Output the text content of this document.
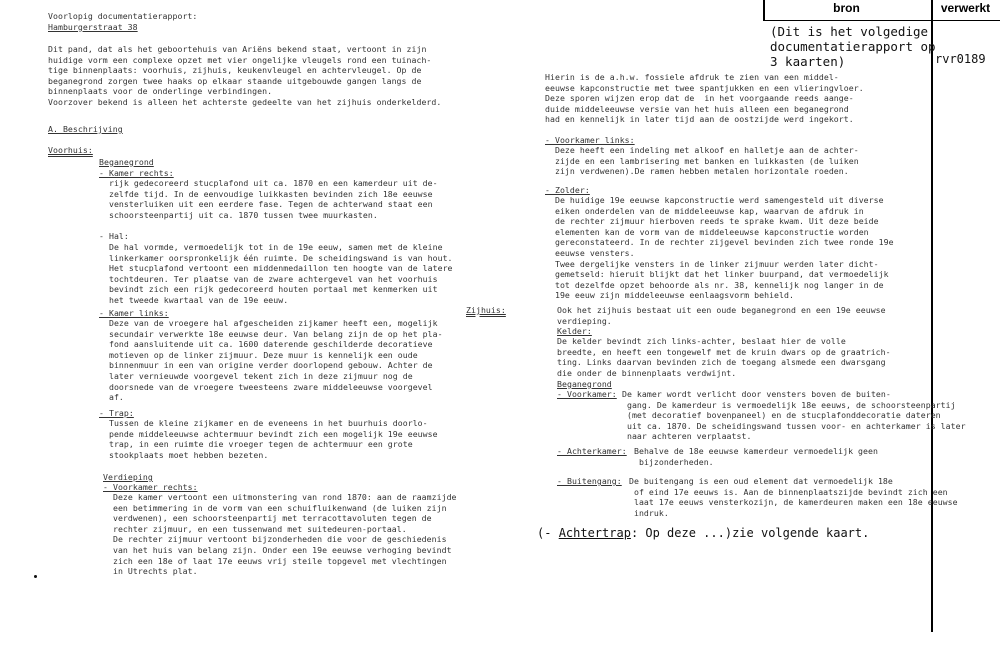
bron	verwerkt
(Dit is het volgedige
documentatierapport op
3 kaarten)	rvr0189
Voorlopig documentatierapport:
Hamburgerstraat 38
Dit pand, dat als het geboortehuis van Ariëns bekend staat, vertoont in zijn
huidige vorm een complexe opzet met vier ongelijke vleugels rond een tuinach-
tige binnenplaats: voorhuis, zijhuis, keukenvleugel en achtervleugel. Op de
beganegrond zorgen twee haaks op elkaar staande uitgebouwde gangen langs de
binnenplaats voor de onderlinge verbindingen.
Voorzover bekend is alleen het achterste gedeelte van het zijhuis onderkelderd.
A. Beschrijving
Voorhuis:
Beganegrond
- Kamer rechts:
rijk gedecoreerd stucplafond uit ca. 1870 en een kamerdeur uit de-
zelfde tijd. In de eenvoudige luikkasten bevinden zich 18e eeuwse
vensterluiken uit een eerdere fase. Tegen de achterwand staat een
schoorsteenpartij uit ca. 1870 tussen twee muurkasten.
- Hal:
De hal vormde, vermoedelijk tot in de 19e eeuw, samen met de kleine
linkerkamer oorspronkelijk één ruimte. De scheidingswand is van hout.
Het stucplafond vertoont een middenmedaillon ten hoogte van de latere
tochtdeuren. Ter plaatse van de zware achtergevel van het voorhuis
bevindt zich een rijk gedecoreerd houten portaal met kenmerken uit
het tweede kwartaal van de 19e eeuw.
- Kamer links:
Deze van de vroegere hal afgescheiden zijkamer heeft een, mogelijk
secundair verwerkte 18e eeuwse deur. Van belang zijn de op het pla-
fond aansluitende uit ca. 1600 daterende geschilderde decoratieve
motieven op de linker zijmuur. Deze muur is kennelijk een oude
binnenmuur in een van origine verder doorlopend gebouw. Achter de
later vernieuwde voorgevel tekent zich in deze zijmuur nog de
doorsnede van de vroegere tweesteens zware middeleeuwse voorgevel
af.
- Trap:
Tussen de kleine zijkamer en de eveneens in het buurhuis doorlo-
pende middeleeuwse achtermuur bevindt zich een mogelijk 19e eeuwse
trap, in een ruimte die vroeger tegen de achtermuur een grote
stookplaats moet hebben bezeten.
Verdieping
- Voorkamer rechts:
Deze kamer vertoont een uitmonstering van rond 1870: aan de raamzijde
een betimmering in de vorm van een schuifluikenwand (de luiken zijn
verdwenen), een schoorsteenpartij met terracottavoluten tegen de
rechter zijmuur, en een tussenwand met suitedeuren-portaal.
De rechter zijmuur vertoont bijzonderheden die voor de geschiedenis
van het huis van belang zijn. Onder een 19e eeuwse verhoging bevindt
zich een 18e of laat 17e eeuws vrij steile topgevel met vlechtingen
in Utrechts plat.
Hierin is de a.h.w. fossiele afdruk te zien van een middel-
eeuwse kapconstructie met twee spantjukken en een vlieringvloer.
Deze sporen wijzen erop dat de  in het voorgaande reeds aange-
duide middeleeuwse versie van het huis alleen een beganegrond
had en kennelijk in later tijd aan de oostzijde werd ingekort.
- Voorkamer links:
Deze heeft een indeling met alkoof en halletje aan de achter-
zijde en een lambrisering met banken en luikkasten (de luiken
zijn verdwenen).De ramen hebben metalen horizontale roeden.
- Zolder:
De huidige 19e eeuwse kapconstructie werd samengesteld uit diverse
eiken onderdelen van de middeleeuwse kap, waarvan de afdruk in
de rechter zijmuur hierboven reeds te sprake kwam. Uit deze beide
elementen kan de vorm van de middeleeuwse kapconstructie worden
gereconstateerd. In de rechter zijgevel bevinden zich twee ronde 19e
eeuwse vensters.
Twee dergelijke vensters in de linker zijmuur werden later dicht-
gemetseld: hieruit blijkt dat het linker buurpand, dat vermoedelijk
tot dezelfde opzet behoorde als nr. 38, kennelijk nog langer in de
19e eeuw zijn middeleeuwse eenlaagsvorm behield.
Zijhuis:	Ook het zijhuis bestaat uit een oude beganegrond en een 19e eeuwse
verdieping.
Kelder:
De kelder bevindt zich links-achter, beslaat hier de volle
breedte, en heeft een tongewelf met de kruin dwars op de graatrich-
ting. Links daarvan bevinden zich de toegang alsmede een dwarsgang
die onder de binnenplaats verdwijnt.
Beganegrond
- Voorkamer: De kamer wordt verlicht door vensters boven de buiten-
gang. De kamerdeur is vermoedelijk 18e eeuws, de schoorsteenpartij
(met decoratief bovenpaneel) en de stucplafonddecoratie dateren
uit ca. 1870. De scheidingswand tussen voor- en achterkamer is later
naar achteren verplaatst.
- Achterkamer: Behalve de 18e eeuwse kamerdeur vermoedelijk geen
bijzonderheden.
- Buitengang: De buitengang is een oud element dat vermoedelijk 18e
of eind 17e eeuws is. Aan de binnenplaatszijde bevindt zich een
laat 17e eeuws vensterkozijn, de kamerdeuren maken een 18e eeuwse
indruk.
(- Achtertrap: Op deze ...)zie volgende kaart.
